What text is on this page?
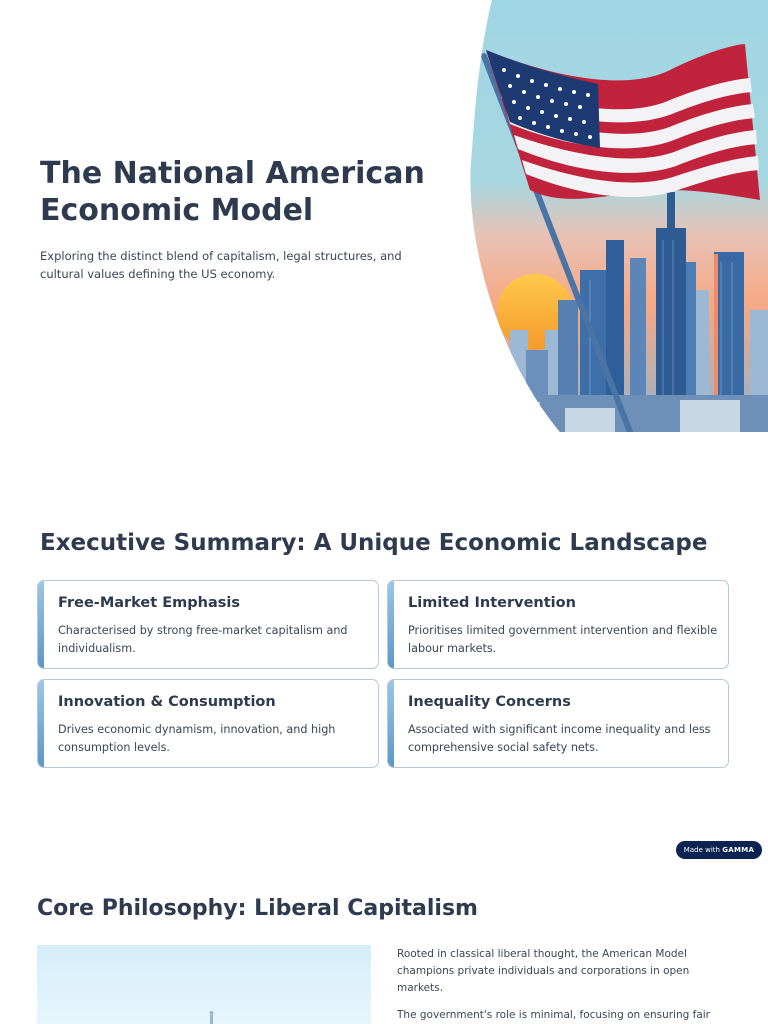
The National American Economic Model

Exploring the distinct blend of capitalism, legal structures, and cultural values defining the US economy.

Executive Summary: A Unique Economic Landscape
Free-Market Emphasis
Characterised by strong free-market capitalism and individualism.
Limited Intervention
Prioritises limited government intervention and flexible labour markets.
Innovation & Consumption
Drives economic dynamism, innovation, and high consumption levels.
Inequality Concerns
Associated with significant income inequality and less comprehensive social safety nets.
Made with GAMMA
Core Philosophy: Liberal Capitalism

Rooted in classical liberal thought, the American Model champions private individuals and corporations in open markets.

The government's role is minimal, focusing on ensuring fair
